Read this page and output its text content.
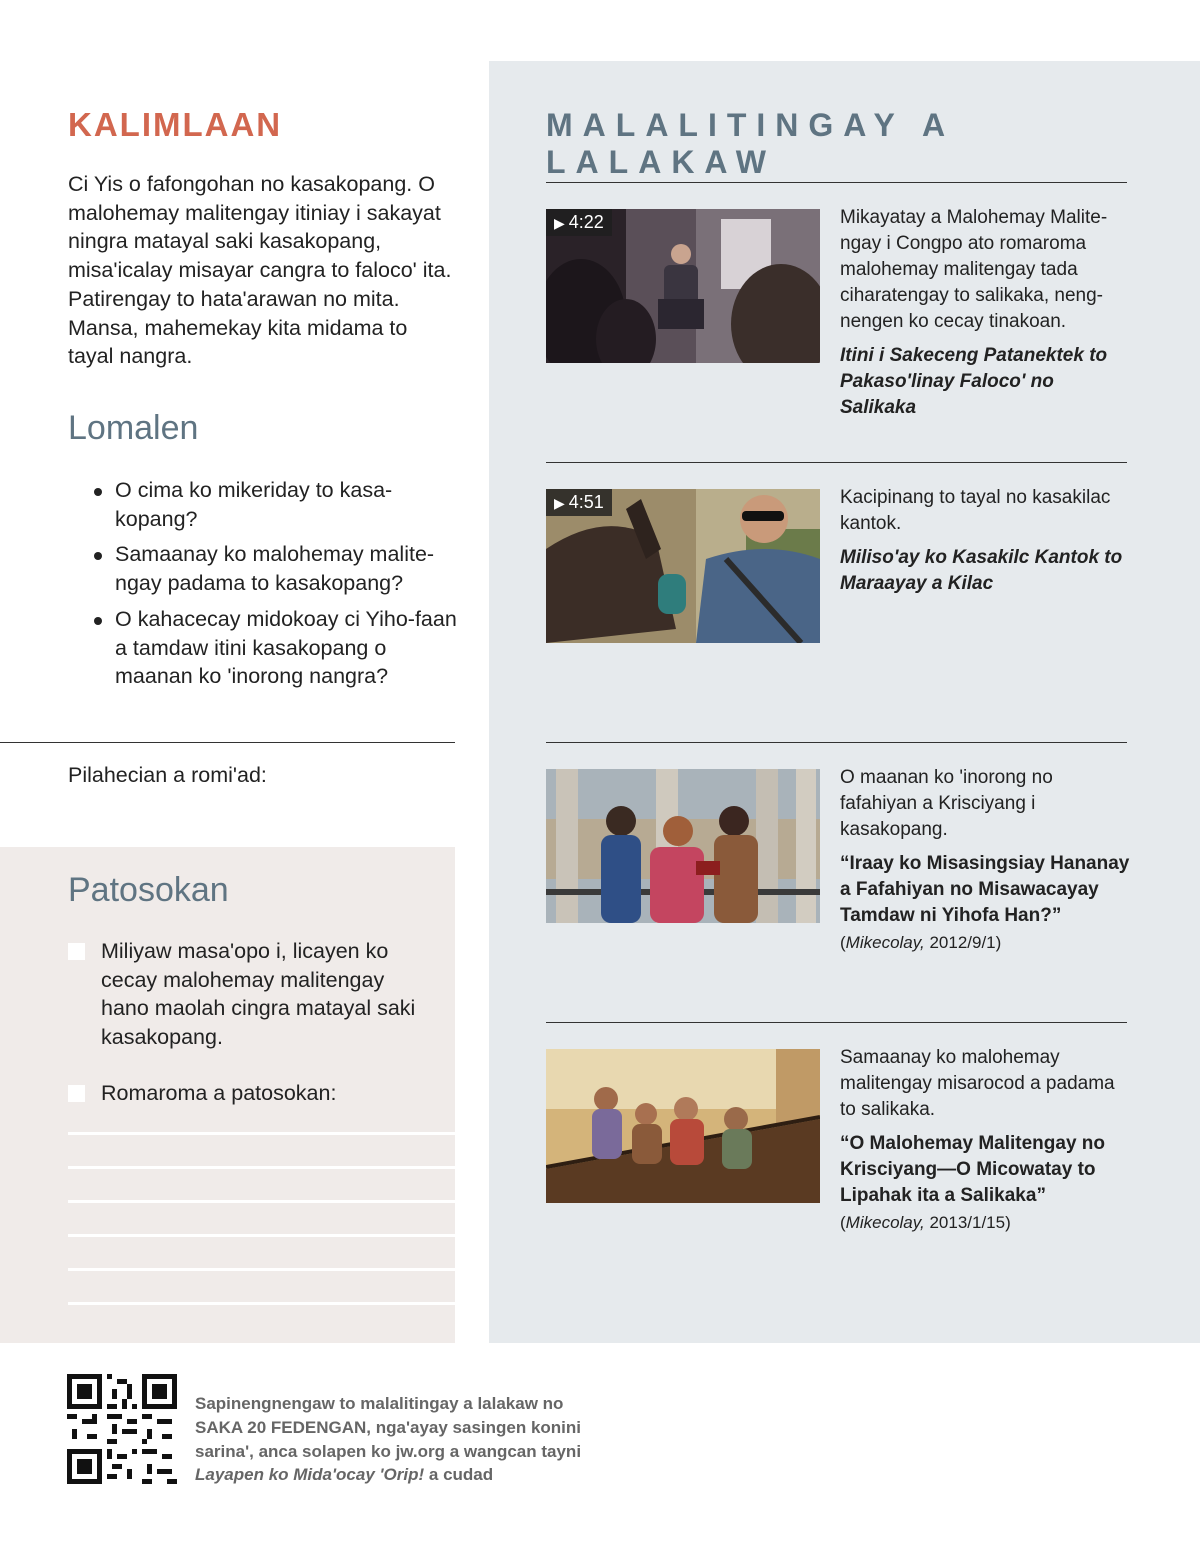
KALIMLAAN

Ci Yis o fafongohan no kasakopang. O malohemay malitengay itiniay i sakayat ningra matayal saki kasakopang, misa'icalay misayar cangra to faloco' ita. Patirengay to hata'arawan no mita. Mansa, mahemekay kita midama to tayal nangra.

Lomalen
O cima ko mikeriday to kasa-kopang?
Samaanay ko malohemay malite-ngay padama to kasakopang?
O kahacecay midokoay ci Yiho-faan a tamdaw itini kasakopang o maanan ko 'inorong nangra?
Pilahecian a romi'ad:
Patosokan
Miliyaw masa'opo i, licayen ko cecay malohemay malitengay hano maolah cingra matayal saki kasakopang.
Romaroma a patosokan:
MALALITINGAY A LALAKAW
▶ 4:22	Mikayatay a Malohemay Malite-ngay i Congpo ato romaroma malohemay malitengay tada ciharatengay to salikaka, neng-nengen ko cecay tinakoan.

Itini i Sakeceng Patanektek to Pakaso'linay Faloco' no Salikaka

▶ 4:51	Kacipinang to tayal no kasakilac kantok.

Miliso'ay ko Kasakilc Kantok to Maraayay a Kilac

O maanan ko 'inorong no fafahiyan a Krisciyang i kasakopang.

“Iraay ko Misasingsiay Hananay a Fafahiyan no Misawacayay Tamdaw ni Yihofa Han?”

(Mikecolay, 2012/9/1)

Samaanay ko malohemay malitengay misarocod a padama to salikaka.

“O Malohemay Malitengay no Krisciyang—O Micowatay to Lipahak ita a Salikaka”

(Mikecolay, 2013/1/15)

Sapinengnengaw to malalitingay a lalakaw no SAKA 20 FEDENGAN, nga'ayay sasingen konini sarina', anca solapen ko jw.org a wangcan tayni Layapen ko Mida'ocay 'Orip! a cudad
